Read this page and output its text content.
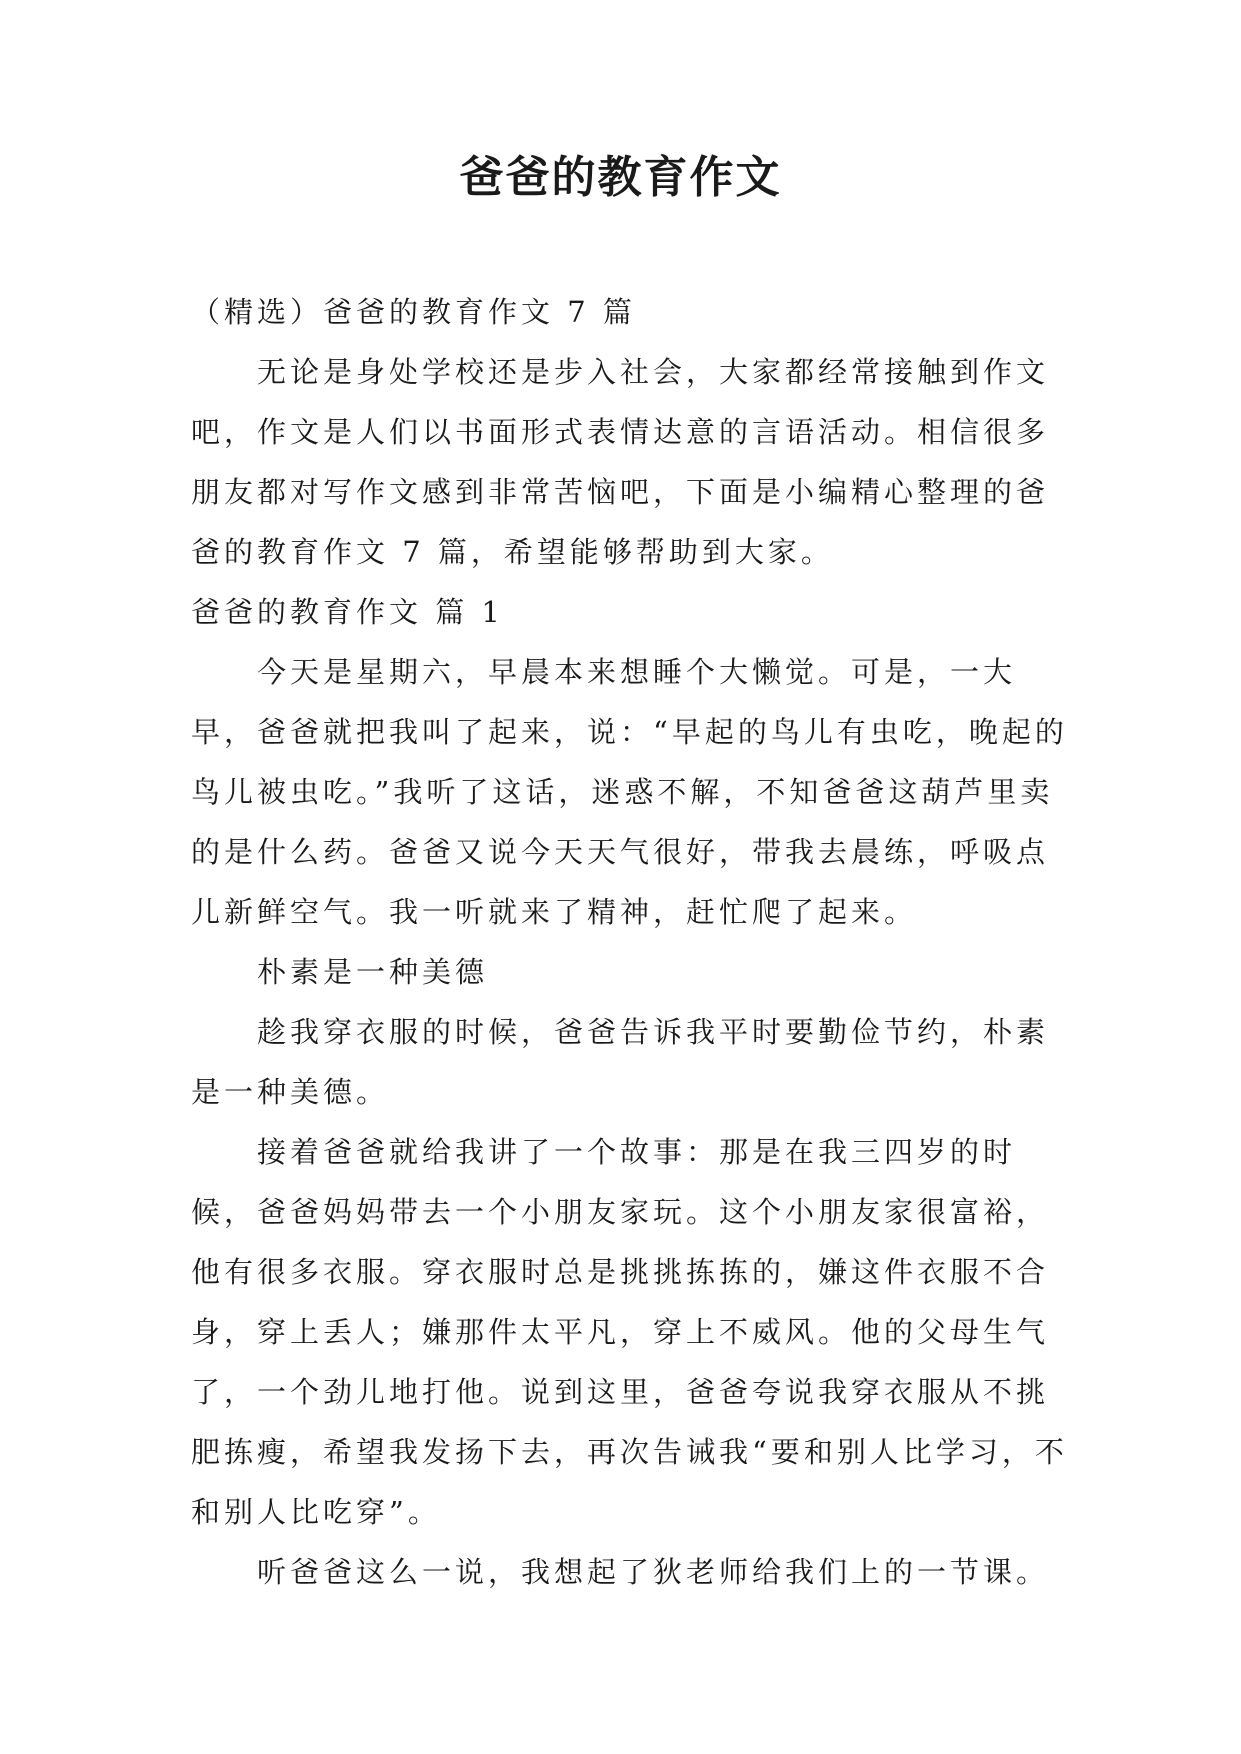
爸爸的教育作文

（精选）爸爸的教育作文 7 篇

无论是身处学校还是步入社会，大家都经常接触到作文吧，作文是人们以书面形式表情达意的言语活动。相信很多朋友都对写作文感到非常苦恼吧，下面是小编精心整理的爸爸的教育作文 7 篇，希望能够帮助到大家。

爸爸的教育作文 篇 1

今天是星期六，早晨本来想睡个大懒觉。可是，一大早，爸爸就把我叫了起来，说：“早起的鸟儿有虫吃，晚起的鸟儿被虫吃。”我听了这话，迷惑不解，不知爸爸这葫芦里卖的是什么药。爸爸又说今天天气很好，带我去晨练，呼吸点儿新鲜空气。我一听就来了精神，赶忙爬了起来。

朴素是一种美德

趁我穿衣服的时候，爸爸告诉我平时要勤俭节约，朴素是一种美德。

接着爸爸就给我讲了一个故事：那是在我三四岁的时候，爸爸妈妈带去一个小朋友家玩。这个小朋友家很富裕，他有很多衣服。穿衣服时总是挑挑拣拣的，嫌这件衣服不合身，穿上丢人；嫌那件太平凡，穿上不威风。他的父母生气了，一个劲儿地打他。说到这里，爸爸夸说我穿衣服从不挑肥拣瘦，希望我发扬下去，再次告诫我“要和别人比学习，不和别人比吃穿”。

听爸爸这么一说，我想起了狄老师给我们上的一节课。
